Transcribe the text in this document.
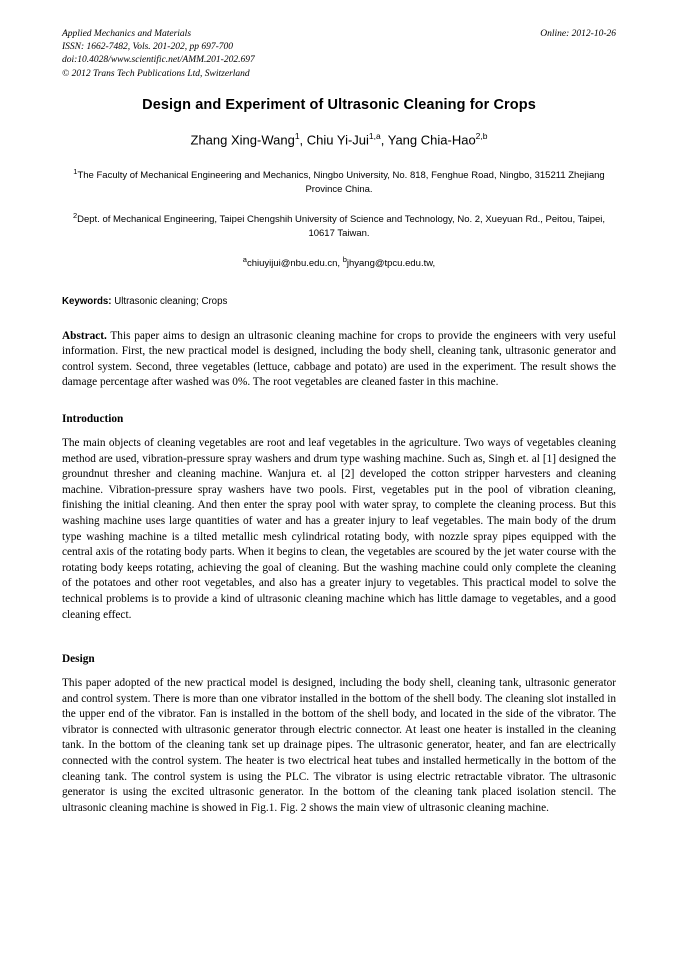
Online: 2012-10-26
Applied Mechanics and Materials
ISSN: 1662-7482, Vols. 201-202, pp 697-700
doi:10.4028/www.scientific.net/AMM.201-202.697
© 2012 Trans Tech Publications Ltd, Switzerland
Design and Experiment of Ultrasonic Cleaning for Crops
Zhang Xing-Wang$^1$, Chiu Yi-Jui$^{1,a}$, Yang Chia-Hao$^{2,b}$
$^1$The Faculty of Mechanical Engineering and Mechanics, Ningbo University, No. 818, Fenghue Road, Ningbo, 315211 Zhejiang Province China.
$^2$Dept. of Mechanical Engineering, Taipei Chengshih University of Science and Technology, No. 2, Xueyuan Rd., Peitou, Taipei, 10617 Taiwan.
$^a$chiuyijui@nbu.edu.cn, $^b$jhyang@tpcu.edu.tw,
Keywords: Ultrasonic cleaning; Crops
Abstract. This paper aims to design an ultrasonic cleaning machine for crops to provide the engineers with very useful information. First, the new practical model is designed, including the body shell, cleaning tank, ultrasonic generator and control system. Second, three vegetables (lettuce, cabbage and potato) are used in the experiment. The result shows the damage percentage after washed was 0%. The root vegetables are cleaned faster in this machine.
Introduction
The main objects of cleaning vegetables are root and leaf vegetables in the agriculture. Two ways of vegetables cleaning method are used, vibration-pressure spray washers and drum type washing machine. Such as, Singh et. al [1] designed the groundnut thresher and cleaning machine. Wanjura et. al [2] developed the cotton stripper harvesters and cleaning machine. Vibration-pressure spray washers have two pools. First, vegetables put in the pool of vibration cleaning, finishing the initial cleaning. And then enter the spray pool with water spray, to complete the cleaning process. But this washing machine uses large quantities of water and has a greater injury to leaf vegetables. The main body of the drum type washing machine is a tilted metallic mesh cylindrical rotating body, with nozzle spray pipes equipped with the central axis of the rotating body parts. When it begins to clean, the vegetables are scoured by the jet water course with the rotating body keeps rotating, achieving the goal of cleaning. But the washing machine could only complete the cleaning of the potatoes and other root vegetables, and also has a greater injury to vegetables. This practical model to solve the technical problems is to provide a kind of ultrasonic cleaning machine which has little damage to vegetables, and a good cleaning effect.
Design
This paper adopted of the new practical model is designed, including the body shell, cleaning tank, ultrasonic generator and control system. There is more than one vibrator installed in the bottom of the shell body. The cleaning slot installed in the upper end of the vibrator. Fan is installed in the bottom of the shell body, and located in the side of the vibrator. The vibrator is connected with ultrasonic generator through electric connector. At least one heater is installed in the cleaning tank. In the bottom of the cleaning tank set up drainage pipes. The ultrasonic generator, heater, and fan are electrically connected with the control system. The heater is two electrical heat tubes and installed hermetically in the bottom of the cleaning tank. The control system is using the PLC. The vibrator is using electric retractable vibrator. The ultrasonic generator is using the excited ultrasonic generator. In the bottom of the cleaning tank placed isolation stencil. The ultrasonic cleaning machine is showed in Fig.1. Fig. 2 shows the main view of ultrasonic cleaning machine.
